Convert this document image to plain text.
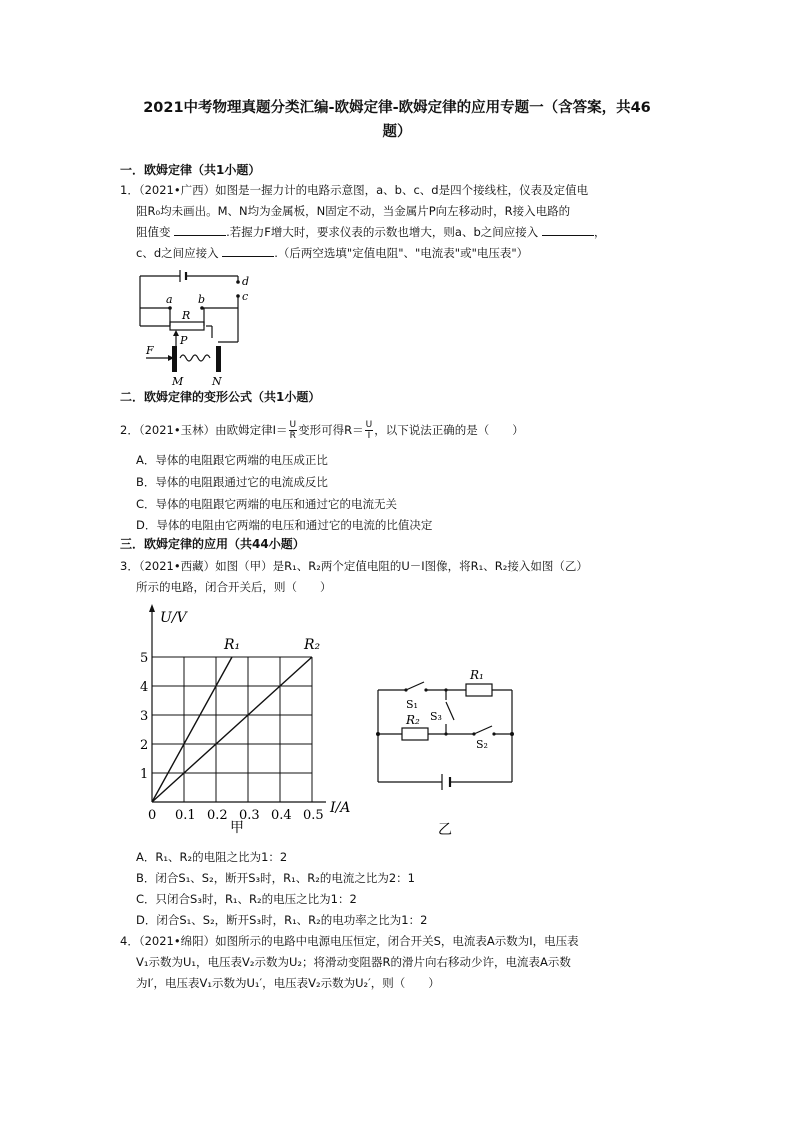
2021中考物理真题分类汇编-欧姆定律-欧姆定律的应用专题一（含答案，共46
题）
一．欧姆定律（共1小题）
1．（2021•广西）如图是一握力计的电路示意图，a、b、c、d是四个接线柱，仪表及定值电
阻R₀均未画出。M、N均为金属板，N固定不动，当金属片P向左移动时，R接入电路的
阻值变	.若握力F增大时，要求仪表的示数也增大，则a、b之间应接入	，
c、d之间应接入	.（后两空选填"定值电阻"、"电流表"或"电压表"）
d
c
a b
R
P
F
M	N
二．欧姆定律的变形公式（共1小题）
2．（2021•玉林）由欧姆定律$I= \frac{U}{R}$ 变形可得$R= \frac{U}{I}$ ，以下说法正确的是（　　）
A．导体的电阻跟它两端的电压成正比
B．导体的电阻跟通过它的电流成反比
C．导体的电阻跟它两端的电压和通过它的电流无关
D．导体的电阻由它两端的电压和通过它的电流的比值决定
三．欧姆定律的应用（共44小题）
3．（2021•西藏）如图（甲）是R₁、R₂两个定值电阻的U－I图像，将R₁、R₂接入如图（乙）
所示的电路，闭合开关后，则（　　）
R₁	R₂
0 0.1 0.2 0.3 0.4 0.5
1
2
3
4
5
U/V
I/A
甲
R₁
R₂
S₁
S₃
S₂
乙
A．R₁、R₂的电阻之比为1：2
B．闭合S₁、S₂，断开S₃时，R₁、R₂的电流之比为2：1
C．只闭合S₃时，R₁、R₂的电压之比为1：2
D．闭合S₁、S₂，断开S₃时，R₁、R₂的电功率之比为1：2
4．（2021•绵阳）如图所示的电路中电源电压恒定，闭合开关S，电流表A示数为I，电压表
V₁示数为U₁，电压表V₂示数为U₂；将滑动变阻器R的滑片向右移动少许，电流表A示数
为I′，电压表V₁示数为U₁′，电压表V₂示数为U₂′，则（　　）
